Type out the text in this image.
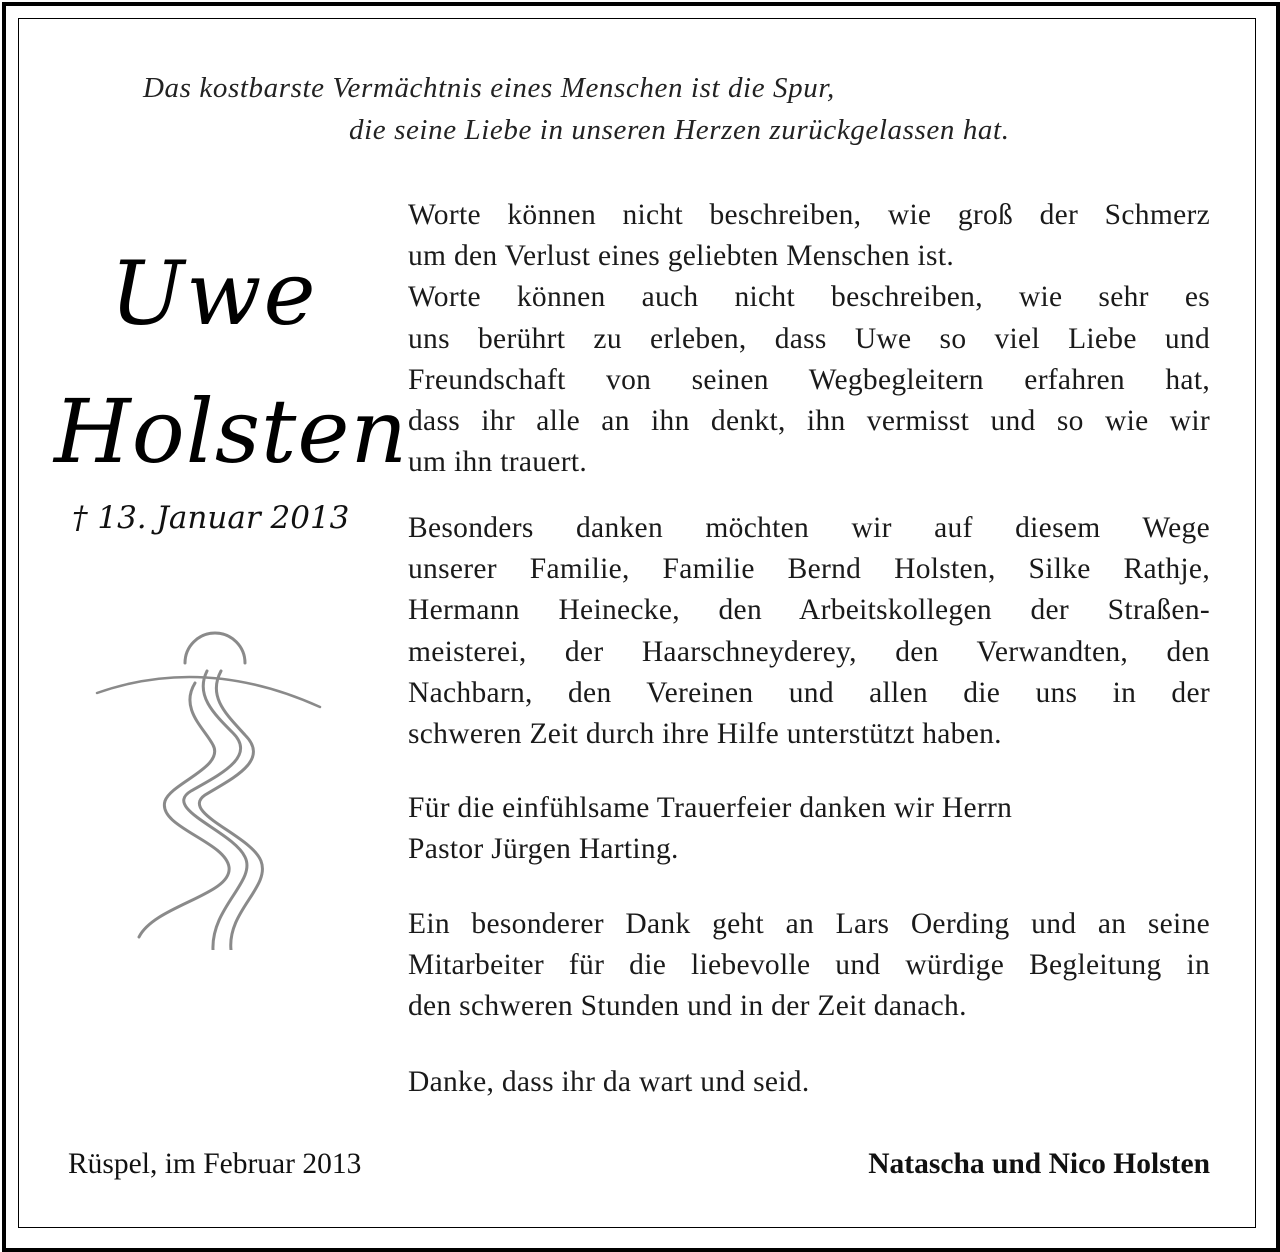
Das kostbarste Vermächtnis eines Menschen ist die Spur,
die seine Liebe in unseren Herzen zurückgelassen hat.
Uwe
Holsten
† 13. Januar 2013
Worte können nicht beschreiben, wie groß der Schmerz
um den Verlust eines geliebten Menschen ist.
Worte können auch nicht beschreiben, wie sehr es
uns berührt zu erleben, dass Uwe so viel Liebe und
Freundschaft von seinen Wegbegleitern erfahren hat,
dass ihr alle an ihn denkt, ihn vermisst und so wie wir
um ihn trauert.
Besonders danken möchten wir auf diesem Wege
unserer Familie, Familie Bernd Holsten, Silke Rathje,
Hermann Heinecke, den Arbeitskollegen der Straßen-
meisterei, der Haarschneyderey, den Verwandten, den
Nachbarn, den Vereinen und allen die uns in der
schweren Zeit durch ihre Hilfe unterstützt haben.
Für die einfühlsame Trauerfeier danken wir Herrn
Pastor Jürgen Harting.
Ein besonderer Dank geht an Lars Oerding und an seine
Mitarbeiter für die liebevolle und würdige Begleitung in
den schweren Stunden und in der Zeit danach.
Danke, dass ihr da wart und seid.
Rüspel, im Februar 2013	Natascha und Nico Holsten
